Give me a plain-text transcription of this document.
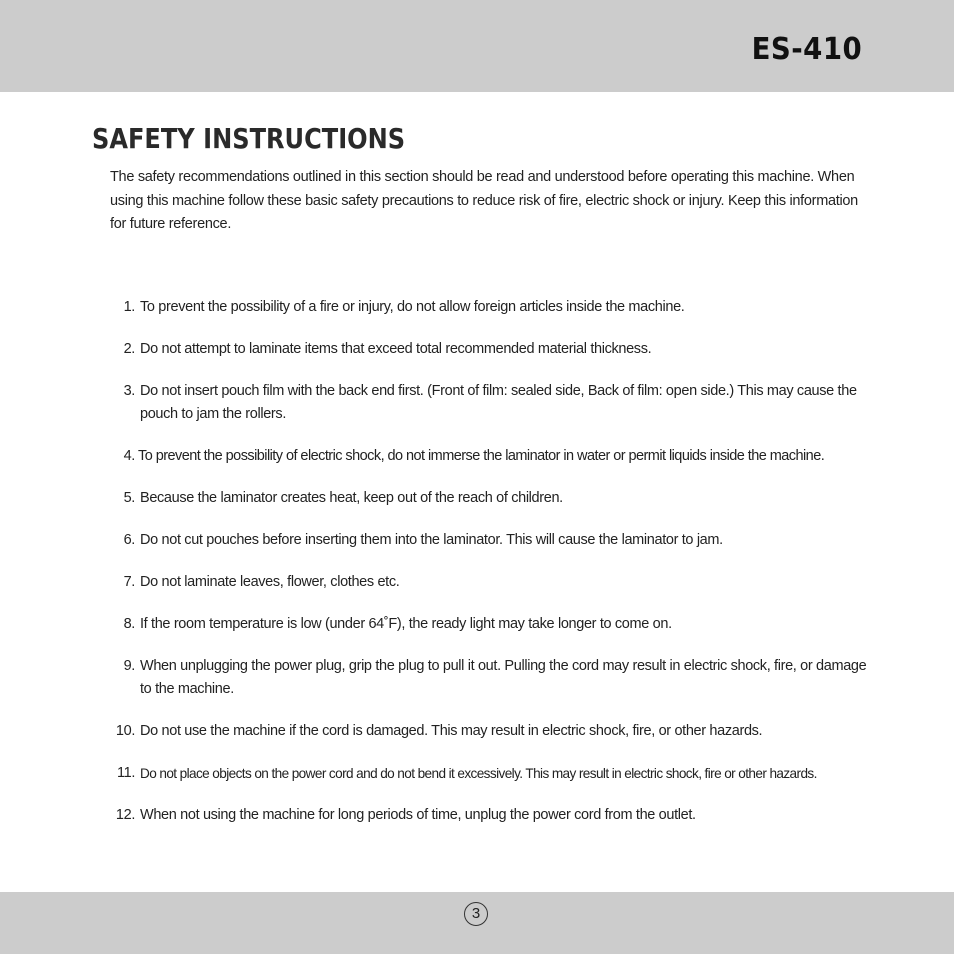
ES-410
SAFETY INSTRUCTIONS

The safety recommendations outlined in this section should be read and understood before operating this machine. When using this machine follow these basic safety precautions to reduce risk of fire, electric shock or injury. Keep this information for future reference.

1. To prevent the possibility of a fire or injury, do not allow foreign articles inside the machine.
2. Do not attempt to laminate items that exceed total recommended material thickness.
3. Do not insert pouch film with the back end first. (Front of film: sealed side, Back of film: open side.) This may cause the pouch to jam the rollers.
4. To prevent the possibility of electric shock, do not immerse the laminator in water or permit liquids inside the machine.
5. Because the laminator creates heat, keep out of the reach of children.
6. Do not cut pouches before inserting them into the laminator. This will cause the laminator to jam.
7. Do not laminate leaves, flower, clothes etc.
8. If the room temperature is low (under 64˚F), the ready light may take longer to come on.
9. When unplugging the power plug, grip the plug to pull it out. Pulling the cord may result in electric shock, fire, or damage to the machine.
10. Do not use the machine if the cord is damaged. This may result in electric shock, fire, or other hazards.
11. Do not place objects on the power cord and do not bend it excessively. This may result in electric shock, fire or other hazards.
12. When not using the machine for long periods of time, unplug the power cord from the outlet.
3
